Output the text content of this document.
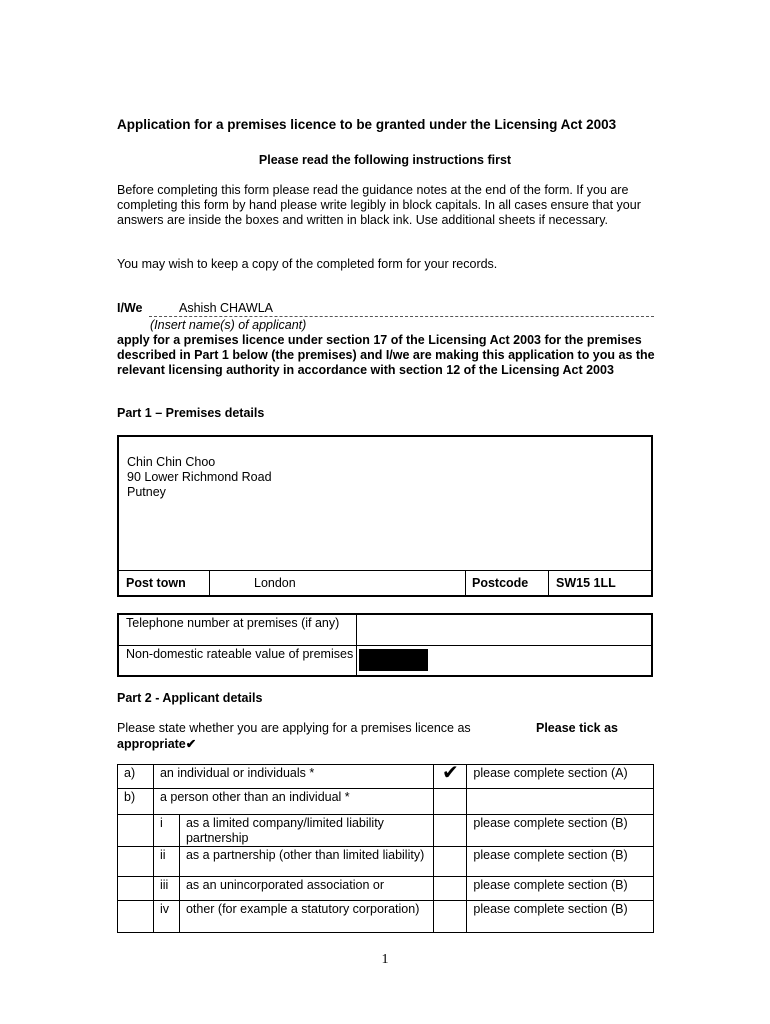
Application for a premises licence to be granted under the Licensing Act 2003
Please read the following instructions first
Before completing this form please read the guidance notes at the end of the form. If you are completing this form by hand please write legibly in block capitals. In all cases ensure that your answers are inside the boxes and written in black ink. Use additional sheets if necessary.
You may wish to keep a copy of the completed form for your records.
I/We	Ashish CHAWLA
(Insert name(s) of applicant)
apply for a premises licence under section 17 of the Licensing Act 2003 for the premises described in Part 1 below (the premises) and I/we are making this application to you as the relevant licensing authority in accordance with section 12 of the Licensing Act 2003
Part 1 – Premises details
Chin Chin Choo
90 Lower Richmond Road
Putney
Post town	London	Postcode SW15 1LL
Telephone number at premises (if any)
Non-domestic rateable value of premises
Part 2 - Applicant details
Please state whether you are applying for a premises licence as	Please tick as
appropriate✔
a)	an individual or individuals *		✔	please complete section (A)
b)	a person other than an individual *			
	i	as a limited company/limited liability partnership		please complete section (B)
	ii	as a partnership (other than limited liability)		please complete section (B)
	iii	as an unincorporated association or		please complete section (B)
	iv	other (for example a statutory corporation)		please complete section (B)
1
